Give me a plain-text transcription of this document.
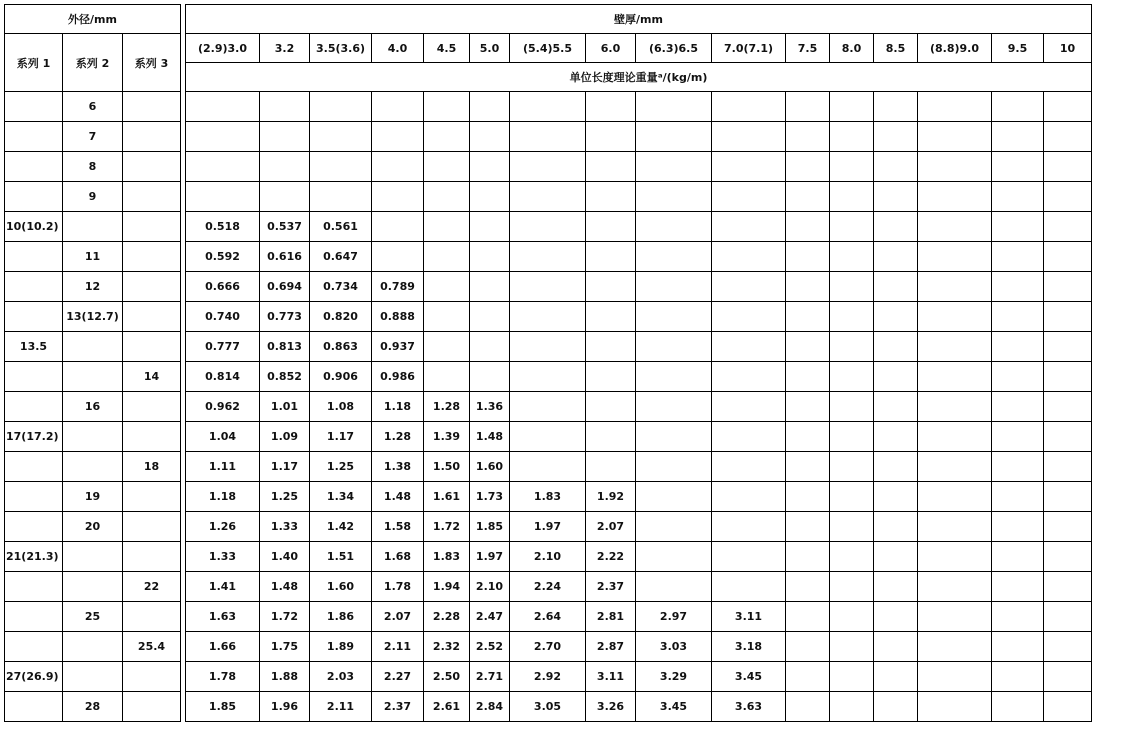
外径/mm				壁厚/mm															
系列 1	系列 2	系列 3		(2.9)3.0	3.2	3.5(3.6)	4.0	4.5	5.0	(5.4)5.5	6.0	(6.3)6.5	7.0(7.1)	7.5	8.0	8.5	(8.8)9.0	9.5	10
				单位长度理论重量ᵃ/(kg/m)															
	6																		
	7																		
	8																		
	9																		
10(10.2)				0.518	0.537	0.561													
	11			0.592	0.616	0.647													
	12			0.666	0.694	0.734	0.789												
	13(12.7)			0.740	0.773	0.820	0.888												
13.5				0.777	0.813	0.863	0.937												
		14		0.814	0.852	0.906	0.986												
	16			0.962	1.01	1.08	1.18	1.28	1.36										
17(17.2)				1.04	1.09	1.17	1.28	1.39	1.48										
		18		1.11	1.17	1.25	1.38	1.50	1.60										
	19			1.18	1.25	1.34	1.48	1.61	1.73	1.83	1.92								
	20			1.26	1.33	1.42	1.58	1.72	1.85	1.97	2.07								
21(21.3)				1.33	1.40	1.51	1.68	1.83	1.97	2.10	2.22								
		22		1.41	1.48	1.60	1.78	1.94	2.10	2.24	2.37								
	25			1.63	1.72	1.86	2.07	2.28	2.47	2.64	2.81	2.97	3.11						
		25.4		1.66	1.75	1.89	2.11	2.32	2.52	2.70	2.87	3.03	3.18						
27(26.9)				1.78	1.88	2.03	2.27	2.50	2.71	2.92	3.11	3.29	3.45						
	28			1.85	1.96	2.11	2.37	2.61	2.84	3.05	3.26	3.45	3.63						
